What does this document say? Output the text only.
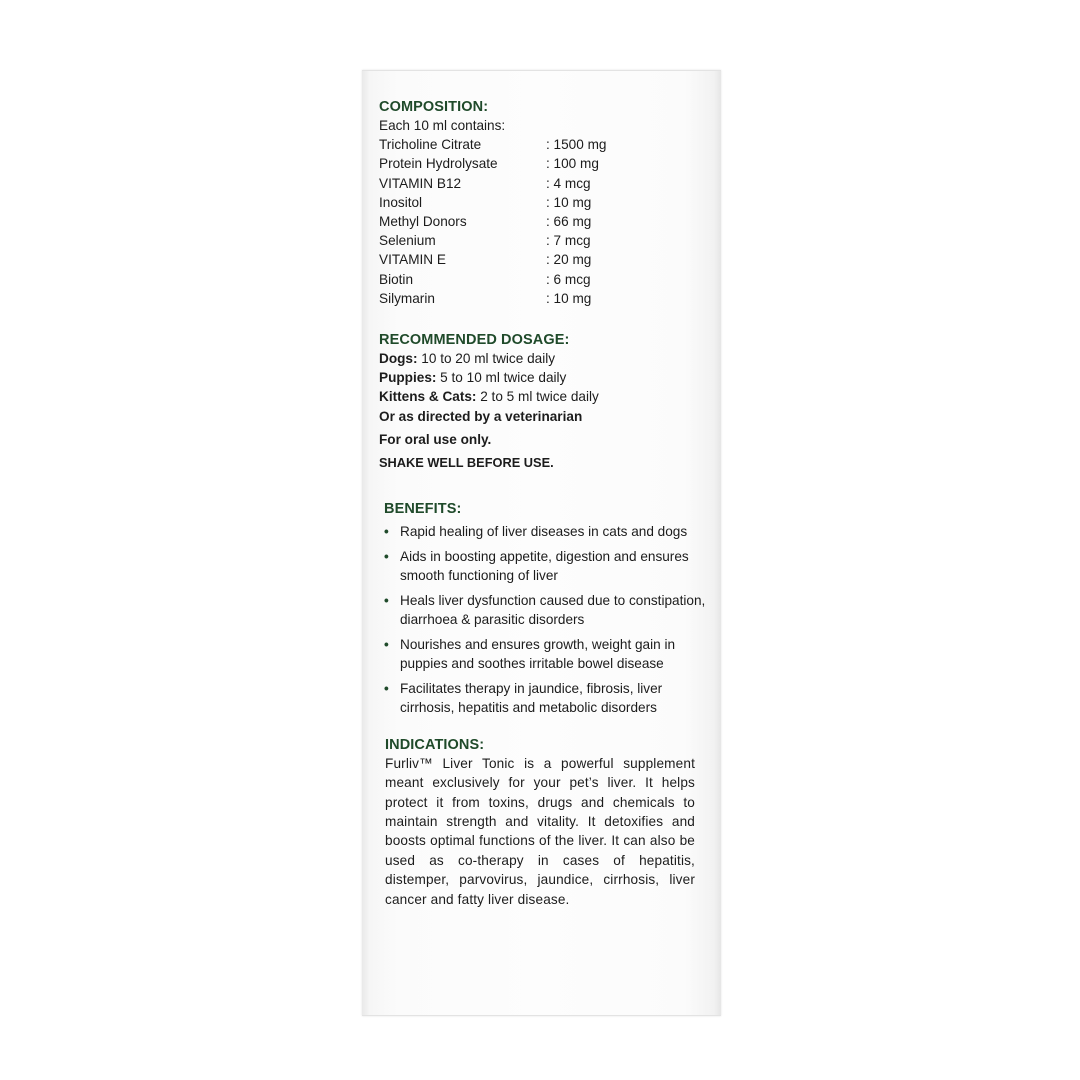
COMPOSITION:
Each 10 ml contains:
Tricholine Citrate	: 1500 mg
Protein Hydrolysate	: 100 mg
VITAMIN B12	: 4 mcg
Inositol	: 10 mg
Methyl Donors	: 66 mg
Selenium	: 7 mcg
VITAMIN E	: 20 mg
Biotin	: 6 mcg
Silymarin	: 10 mg
RECOMMENDED DOSAGE:
Dogs: 10 to 20 ml twice daily
Puppies: 5 to 10 ml twice daily
Kittens & Cats: 2 to 5 ml twice daily
Or as directed by a veterinarian
For oral use only.
SHAKE WELL BEFORE USE.
BENEFITS:
• Rapid healing of liver diseases in cats and dogs
• Aids in boosting appetite, digestion and ensures smooth functioning of liver
• Heals liver dysfunction caused due to constipation, diarrhoea & parasitic disorders
• Nourishes and ensures growth, weight gain in puppies and soothes irritable bowel disease
• Facilitates therapy in jaundice, fibrosis, liver cirrhosis, hepatitis and metabolic disorders
INDICATIONS:
Furliv™ Liver Tonic is a powerful supplement meant exclusively for your pet’s liver. It helps protect it from toxins, drugs and chemicals to maintain strength and vitality. It detoxifies and boosts optimal functions of the liver. It can also be used as co-therapy in cases of hepatitis, distemper, parvovirus, jaundice, cirrhosis, liver cancer and fatty liver disease.
